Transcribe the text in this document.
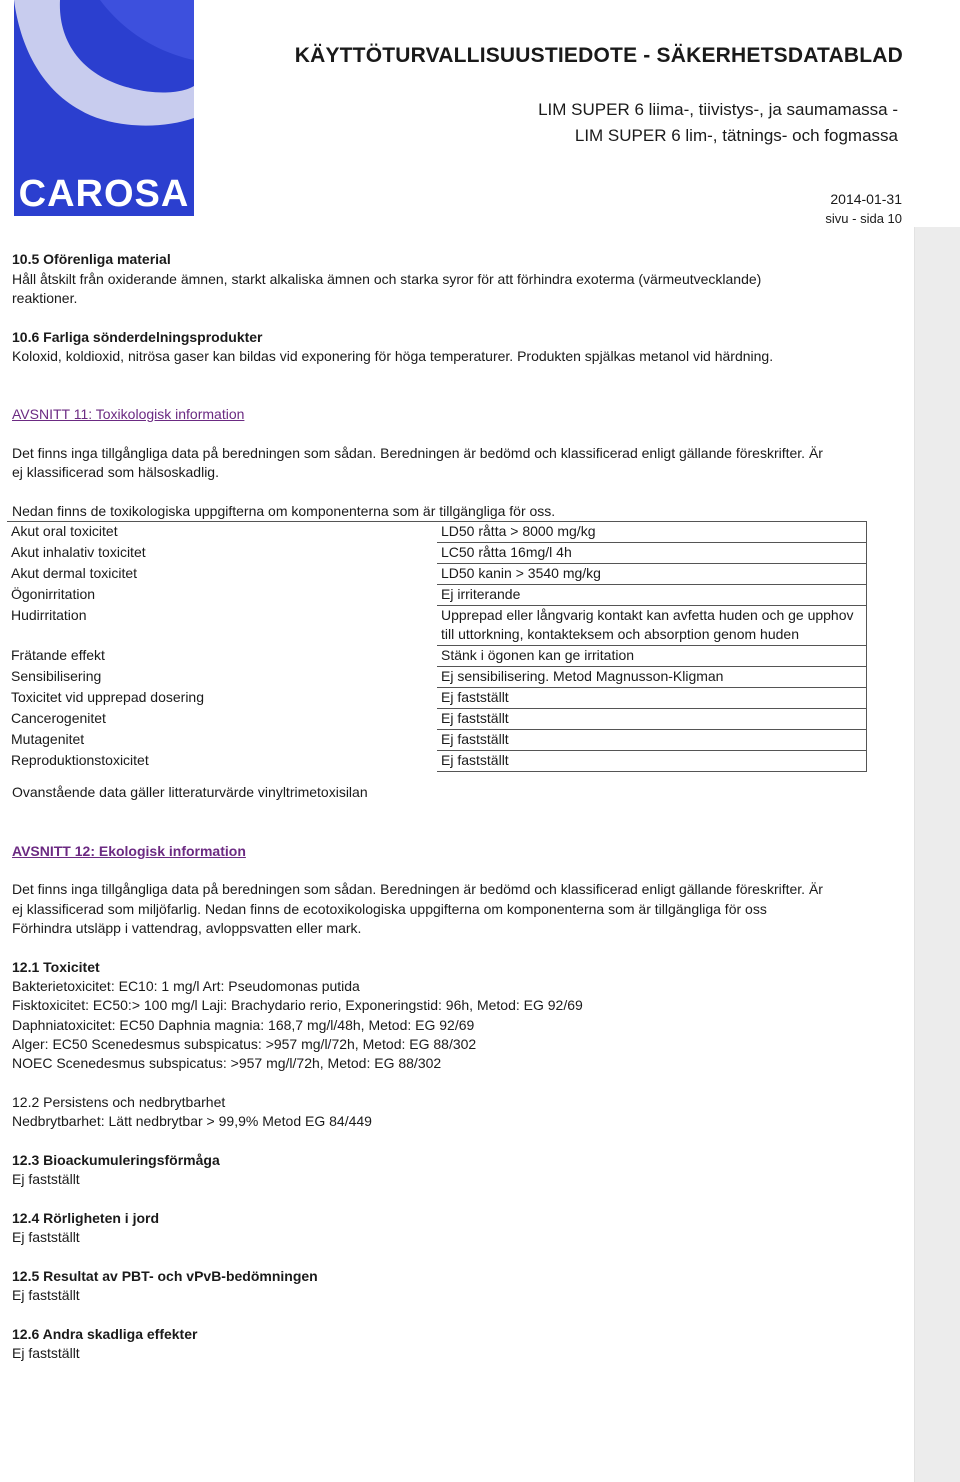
CAROSA
KÄYTTÖTURVALLISUUSTIEDOTE - SÄKERHETSDATABLAD
LIM SUPER 6 liima-, tiivistys-, ja saumamassa -
LIM SUPER 6 lim-, tätnings- och fogmassa
2014-01-31
sivu - sida 10
10.5 Oförenliga material
Håll åtskilt från oxiderande ämnen, starkt alkaliska ämnen och starka syror för att förhindra exoterma (värmeutvecklande)
reaktioner.
10.6 Farliga sönderdelningsprodukter
Koloxid, koldioxid, nitrösa gaser kan bildas vid exponering för höga temperaturer. Produkten spjälkas metanol vid härdning.
AVSNITT 11: Toxikologisk information
Det finns inga tillgångliga data på beredningen som sådan. Beredningen är bedömd och klassificerad enligt gällande föreskrifter. Är
ej klassificerad som hälsoskadlig.
Nedan finns de toxikologiska uppgifterna om komponenterna som är tillgängliga för oss.
Akut oral toxicitet	LD50 råtta > 8000 mg/kg
Akut inhalativ toxicitet	LC50 råtta 16mg/l 4h
Akut dermal toxicitet	LD50 kanin > 3540 mg/kg
Ögonirritation	Ej irriterande
Hudirritation	Upprepad eller långvarig kontakt kan avfetta huden och ge upphov till uttorkning, kontakteksem och absorption genom huden
Frätande effekt	Stänk i ögonen kan ge irritation
Sensibilisering	Ej sensibilisering. Metod Magnusson-Kligman
Toxicitet vid upprepad dosering	Ej fastställt
Cancerogenitet	Ej fastställt
Mutagenitet	Ej fastställt
Reproduktionstoxicitet	Ej fastställt
Ovanstående data gäller litteraturvärde vinyltrimetoxisilan
AVSNITT 12: Ekologisk information
Det finns inga tillgångliga data på beredningen som sådan. Beredningen är bedömd och klassificerad enligt gällande föreskrifter. Är
ej klassificerad som miljöfarlig. Nedan finns de ecotoxikologiska uppgifterna om komponenterna som är tillgängliga för oss
Förhindra utsläpp i vattendrag, avloppsvatten eller mark.
12.1 Toxicitet
Bakterietoxicitet: EC10: 1 mg/l Art: Pseudomonas putida
Fisktoxicitet: EC50:> 100 mg/l Laji: Brachydario rerio, Exponeringstid: 96h, Metod: EG 92/69
Daphniatoxicitet: EC50 Daphnia magnia: 168,7 mg/l/48h, Metod: EG 92/69
Alger: EC50 Scenedesmus subspicatus: >957 mg/l/72h, Metod: EG 88/302
NOEC Scenedesmus subspicatus: >957 mg/l/72h, Metod: EG 88/302
12.2 Persistens och nedbrytbarhet
Nedbrytbarhet: Lätt nedbrytbar > 99,9% Metod EG 84/449
12.3 Bioackumuleringsförmåga
Ej fastställt
12.4 Rörligheten i jord
Ej fastställt
12.5 Resultat av PBT- och vPvB-bedömningen
Ej fastställt
12.6 Andra skadliga effekter
Ej fastställt
